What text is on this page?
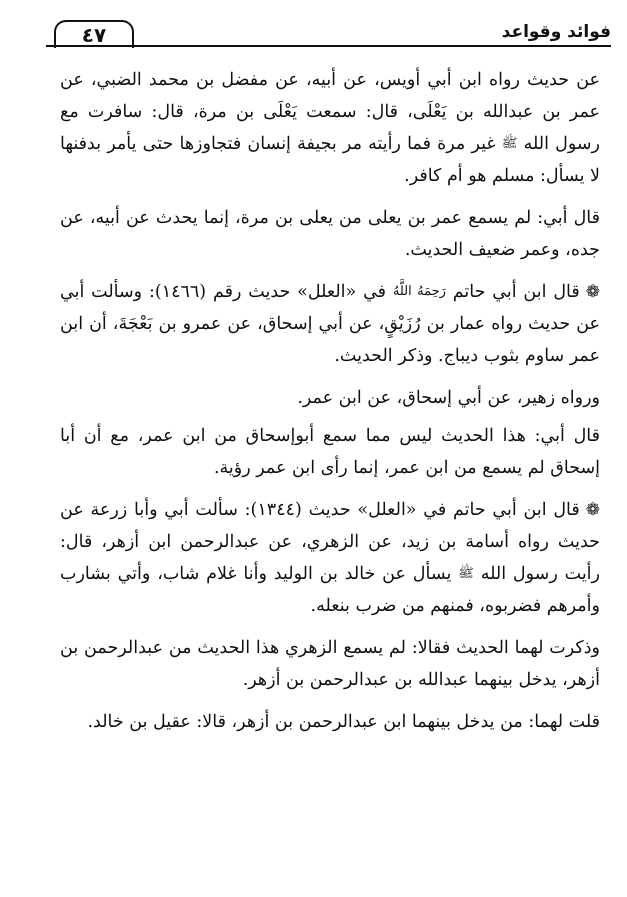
فوائد وقواعد
٤٧

عن حديث رواه ابن أبي أويس، عن أبيه، عن مفضل بن محمد الضبي، عن عمر بن عبدالله بن يَعْلَى، قال: سمعت يَعْلَى بن مرة، قال: سافرت مع رسول الله ﷺ غير مرة فما رأيته مر بجيفة إنسان فتجاوزها حتى يأمر بدفنها لا يسأل: مسلم هو أم كافر.

قال أبي: لم يسمع عمر بن يعلى من يعلى بن مرة، إنما يحدث عن أبيه، عن جده، وعمر ضعيف الحديث.

❁قال ابن أبي حاتم رَحِمَهُ اللَّهُ في «العلل» حديث رقم (١٤٦٦): وسألت أبي عن حديث رواه عمار بن رُزَيْقٍ، عن أبي إسحاق، عن عمرو بن بَعْجَةَ، أن ابن عمر ساوم بثوب ديباج. وذكر الحديث.

ورواه زهير، عن أبي إسحاق، عن ابن عمر.

قال أبي: هذا الحديث ليس مما سمع أبوإسحاق من ابن عمر، مع أن أبا إسحاق لم يسمع من ابن عمر، إنما رأى ابن عمر رؤية.

❁قال ابن أبي حاتم في «العلل» حديث (١٣٤٤): سألت أبي وأبا زرعة عن حديث رواه أسامة بن زيد، عن الزهري، عن عبدالرحمن ابن أزهر، قال: رأيت رسول الله ﷺ يسأل عن خالد بن الوليد وأنا غلام شاب، وأتي بشارب وأمرهم فضربوه، فمنهم من ضرب بنعله.

وذكرت لهما الحديث فقالا: لم يسمع الزهري هذا الحديث من عبدالرحمن بن أزهر، يدخل بينهما عبدالله بن عبدالرحمن بن أزهر.

قلت لهما: من يدخل بينهما ابن عبدالرحمن بن أزهر، قالا: عقيل بن خالد.
